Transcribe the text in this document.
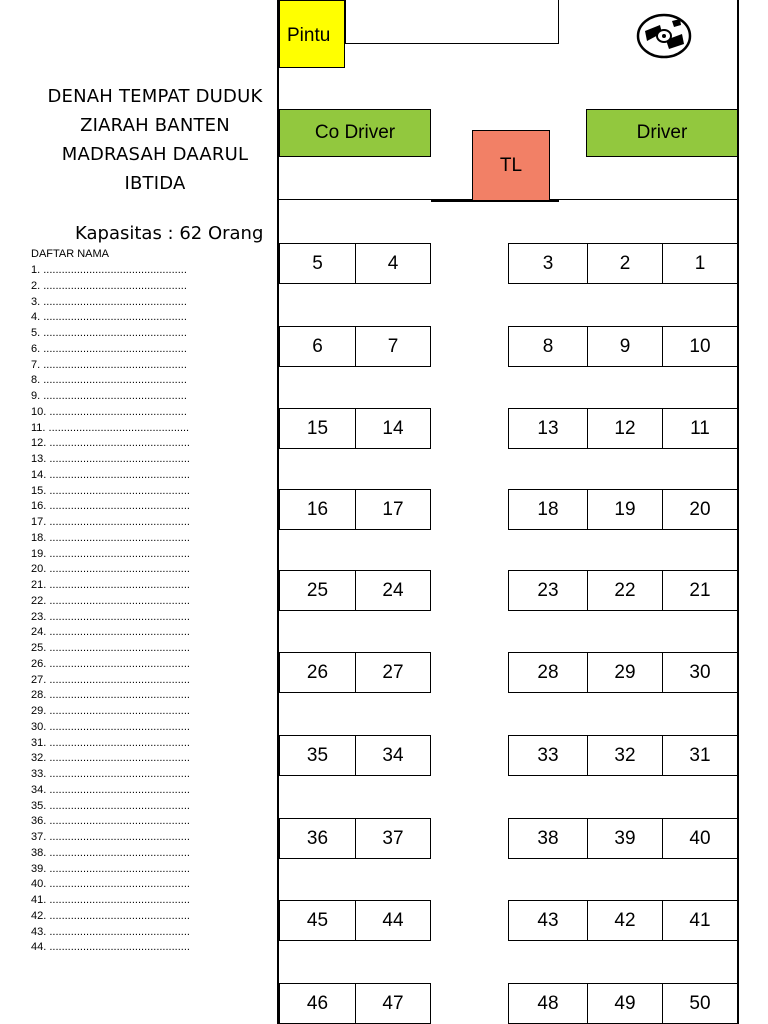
DENAH TEMPAT DUDUK
ZIARAH BANTEN
MADRASAH DAARUL
IBTIDA
Kapasitas : 62 Orang
DAFTAR NAMA
1. ...............................................
2. ...............................................
3. ...............................................
4. ...............................................
5. ...............................................
6. ...............................................
7. ...............................................
8. ...............................................
9. ...............................................
10. .............................................
11. ..............................................
12. ..............................................
13. ..............................................
14. ..............................................
15. ..............................................
16. ..............................................
17. ..............................................
18. ..............................................
19. ..............................................
20. ..............................................
21. ..............................................
22. ..............................................
23. ..............................................
24. ..............................................
25. ..............................................
26. ..............................................
27. ..............................................
28. ..............................................
29. ..............................................
30. ..............................................
31. ..............................................
32. ..............................................
33. ..............................................
34. ..............................................
35. ..............................................
36. ..............................................
37. ..............................................
38. ..............................................
39. ..............................................
40. ..............................................
41. ..............................................
42. ..............................................
43. ..............................................
44. ..............................................
Pintu
Co Driver	Driver
TL
5	4	3	2	1
6	7	8	9	10
15	14	13	12	11
16	17	18	19	20
25	24	23	22	21
26	27	28	29	30
35	34	33	32	31
36	37	38	39	40
45	44	43	42	41
46	47	48	49	50
